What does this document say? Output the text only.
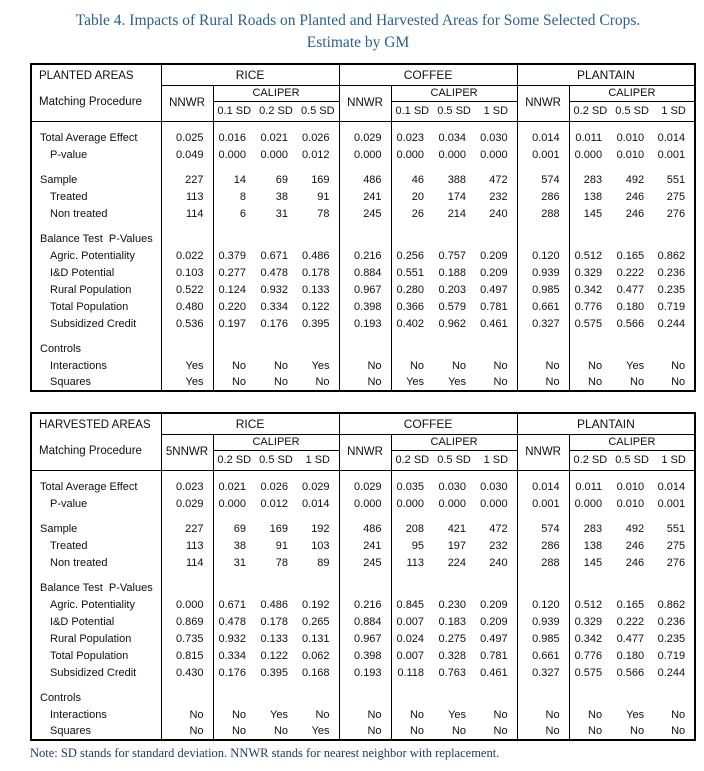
Table 4. Impacts of Rural Roads on Planted and Harvested Areas for Some Selected Crops.
Estimate by GM
PLANTED AREAS
Matching Procedure	RICE				COFFEE				PLANTAIN			
	NNWR	CALIPER			NNWR	CALIPER			NNWR	CALIPER		
		0.1 SD	0.2 SD	0.5 SD		0.1 SD	0.5 SD	1 SD		0.2 SD	0.5 SD	1 SD

Total Average Effect	0.025	0.016	0.021	0.026	0.029	0.023	0.034	0.030	0.014	0.011	0.010	0.014
P-value	0.049	0.000	0.000	0.012	0.000	0.000	0.000	0.000	0.001	0.000	0.010	0.001

Sample	227	14	69	169	486	46	388	472	574	283	492	551
Treated	113	8	38	91	241	20	174	232	286	138	246	275
Non treated	114	6	31	78	245	26	214	240	288	145	246	276

Balance Test  P-Values												
Agric. Potentiality	0.022	0.379	0.671	0.486	0.216	0.256	0.757	0.209	0.120	0.512	0.165	0.862
I&D Potential	0.103	0.277	0.478	0.178	0.884	0.551	0.188	0.209	0.939	0.329	0.222	0.236
Rural Population	0.522	0.124	0.932	0.133	0.967	0.280	0.203	0.497	0.985	0.342	0.477	0.235
Total Population	0.480	0.220	0.334	0.122	0.398	0.366	0.579	0.781	0.661	0.776	0.180	0.719
Subsidized Credit	0.536	0.197	0.176	0.395	0.193	0.402	0.962	0.461	0.327	0.575	0.566	0.244

Controls												
Interactions	Yes	No	No	Yes	No	No	No	No	No	No	Yes	No
Squares	Yes	No	No	No	No	Yes	Yes	No	No	No	No	No
HARVESTED AREAS
Matching Procedure	RICE				COFFEE				PLANTAIN			
	5NNWR	CALIPER			NNWR	CALIPER			NNWR	CALIPER		
		0.2 SD	0.5 SD	1 SD		0.2 SD	0.5 SD	1 SD		0.2 SD	0.5 SD	1 SD

Total Average Effect	0.023	0.021	0.026	0.029	0.029	0.035	0.030	0.030	0.014	0.011	0.010	0.014
P-value	0.029	0.000	0.012	0.014	0.000	0.000	0.000	0.000	0.001	0.000	0.010	0.001

Sample	227	69	169	192	486	208	421	472	574	283	492	551
Treated	113	38	91	103	241	95	197	232	286	138	246	275
Non treated	114	31	78	89	245	113	224	240	288	145	246	276

Balance Test  P-Values												
Agric. Potentiality	0.000	0.671	0.486	0.192	0.216	0.845	0.230	0.209	0.120	0.512	0.165	0.862
I&D Potential	0.869	0.478	0.178	0.265	0.884	0.007	0.183	0.209	0.939	0.329	0.222	0.236
Rural Population	0.735	0.932	0.133	0.131	0.967	0.024	0.275	0.497	0.985	0.342	0.477	0.235
Total Population	0.815	0.334	0.122	0.062	0.398	0.007	0.328	0.781	0.661	0.776	0.180	0.719
Subsidized Credit	0.430	0.176	0.395	0.168	0.193	0.118	0.763	0.461	0.327	0.575	0.566	0.244

Controls												
Interactions	No	No	Yes	No	No	No	Yes	No	No	No	Yes	No
Squares	No	No	No	Yes	No	No	No	No	No	No	No	No
Note: SD stands for standard deviation. NNWR stands for nearest neighbor with replacement.
